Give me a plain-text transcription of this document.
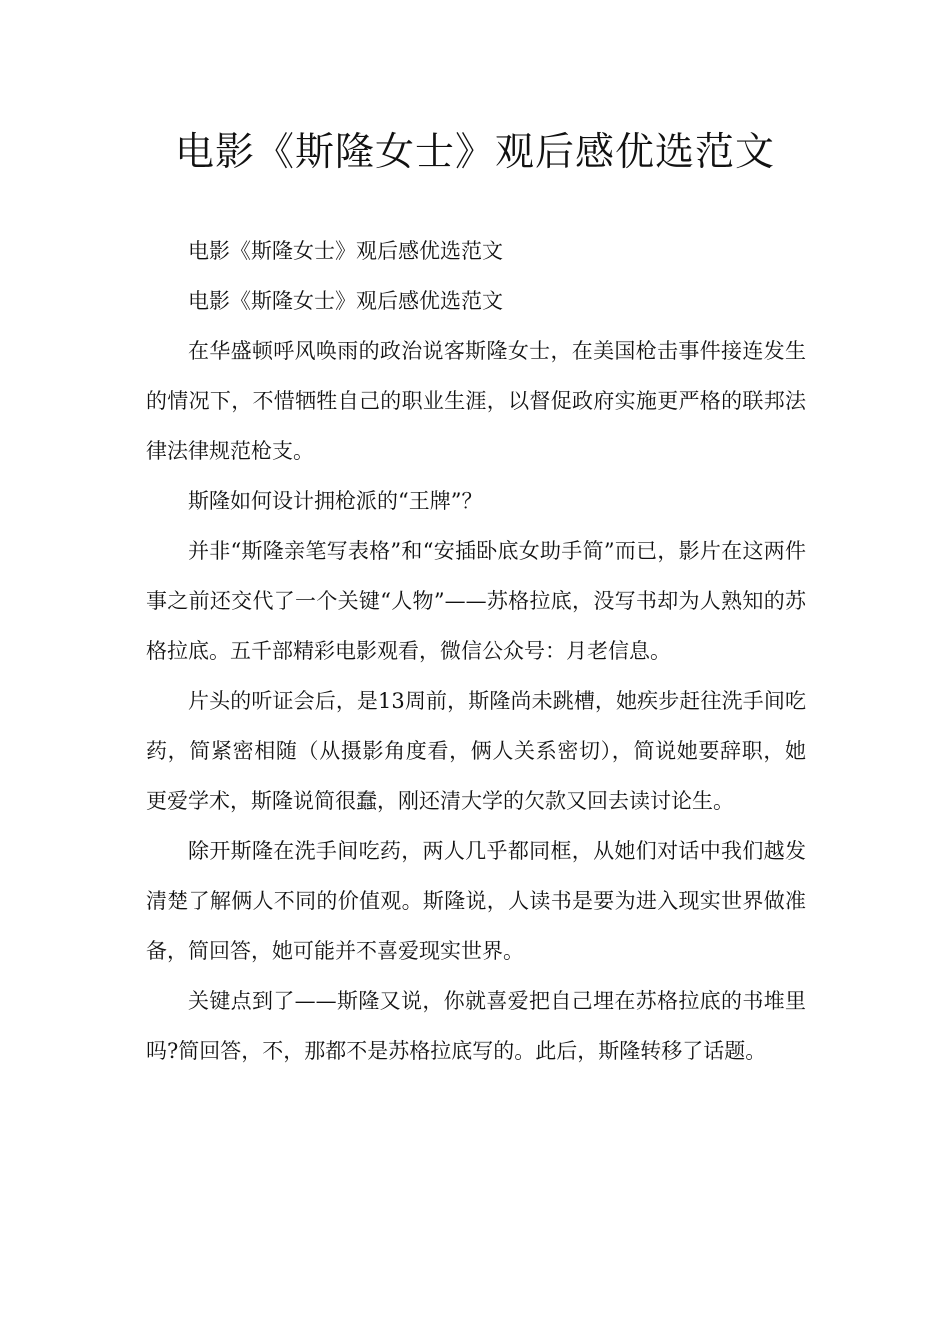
电影《斯隆女士》观后感优选范文

电影《斯隆女士》观后感优选范文

电影《斯隆女士》观后感优选范文

在华盛顿呼风唤雨的政治说客斯隆女士，在美国枪击事件接连发生的情况下，不惜牺牲自己的职业生涯，以督促政府实施更严格的联邦法律法律规范枪支。

斯隆如何设计拥枪派的“王牌”？

并非“斯隆亲笔写表格”和“安插卧底女助手简”而已，影片在这两件事之前还交代了一个关键“人物”——苏格拉底，没写书却为人熟知的苏格拉底。五千部精彩电影观看，微信公众号：月老信息。

片头的听证会后，是13周前，斯隆尚未跳槽，她疾步赶往洗手间吃药，简紧密相随（从摄影角度看，俩人关系密切），简说她要辞职，她更爱学术，斯隆说简很蠢，刚还清大学的欠款又回去读讨论生。

除开斯隆在洗手间吃药，两人几乎都同框，从她们对话中我们越发清楚了解俩人不同的价值观。斯隆说，人读书是要为进入现实世界做准备，简回答，她可能并不喜爱现实世界。

关键点到了——斯隆又说，你就喜爱把自己埋在苏格拉底的书堆里吗?简回答，不，那都不是苏格拉底写的。此后，斯隆转移了话题。
